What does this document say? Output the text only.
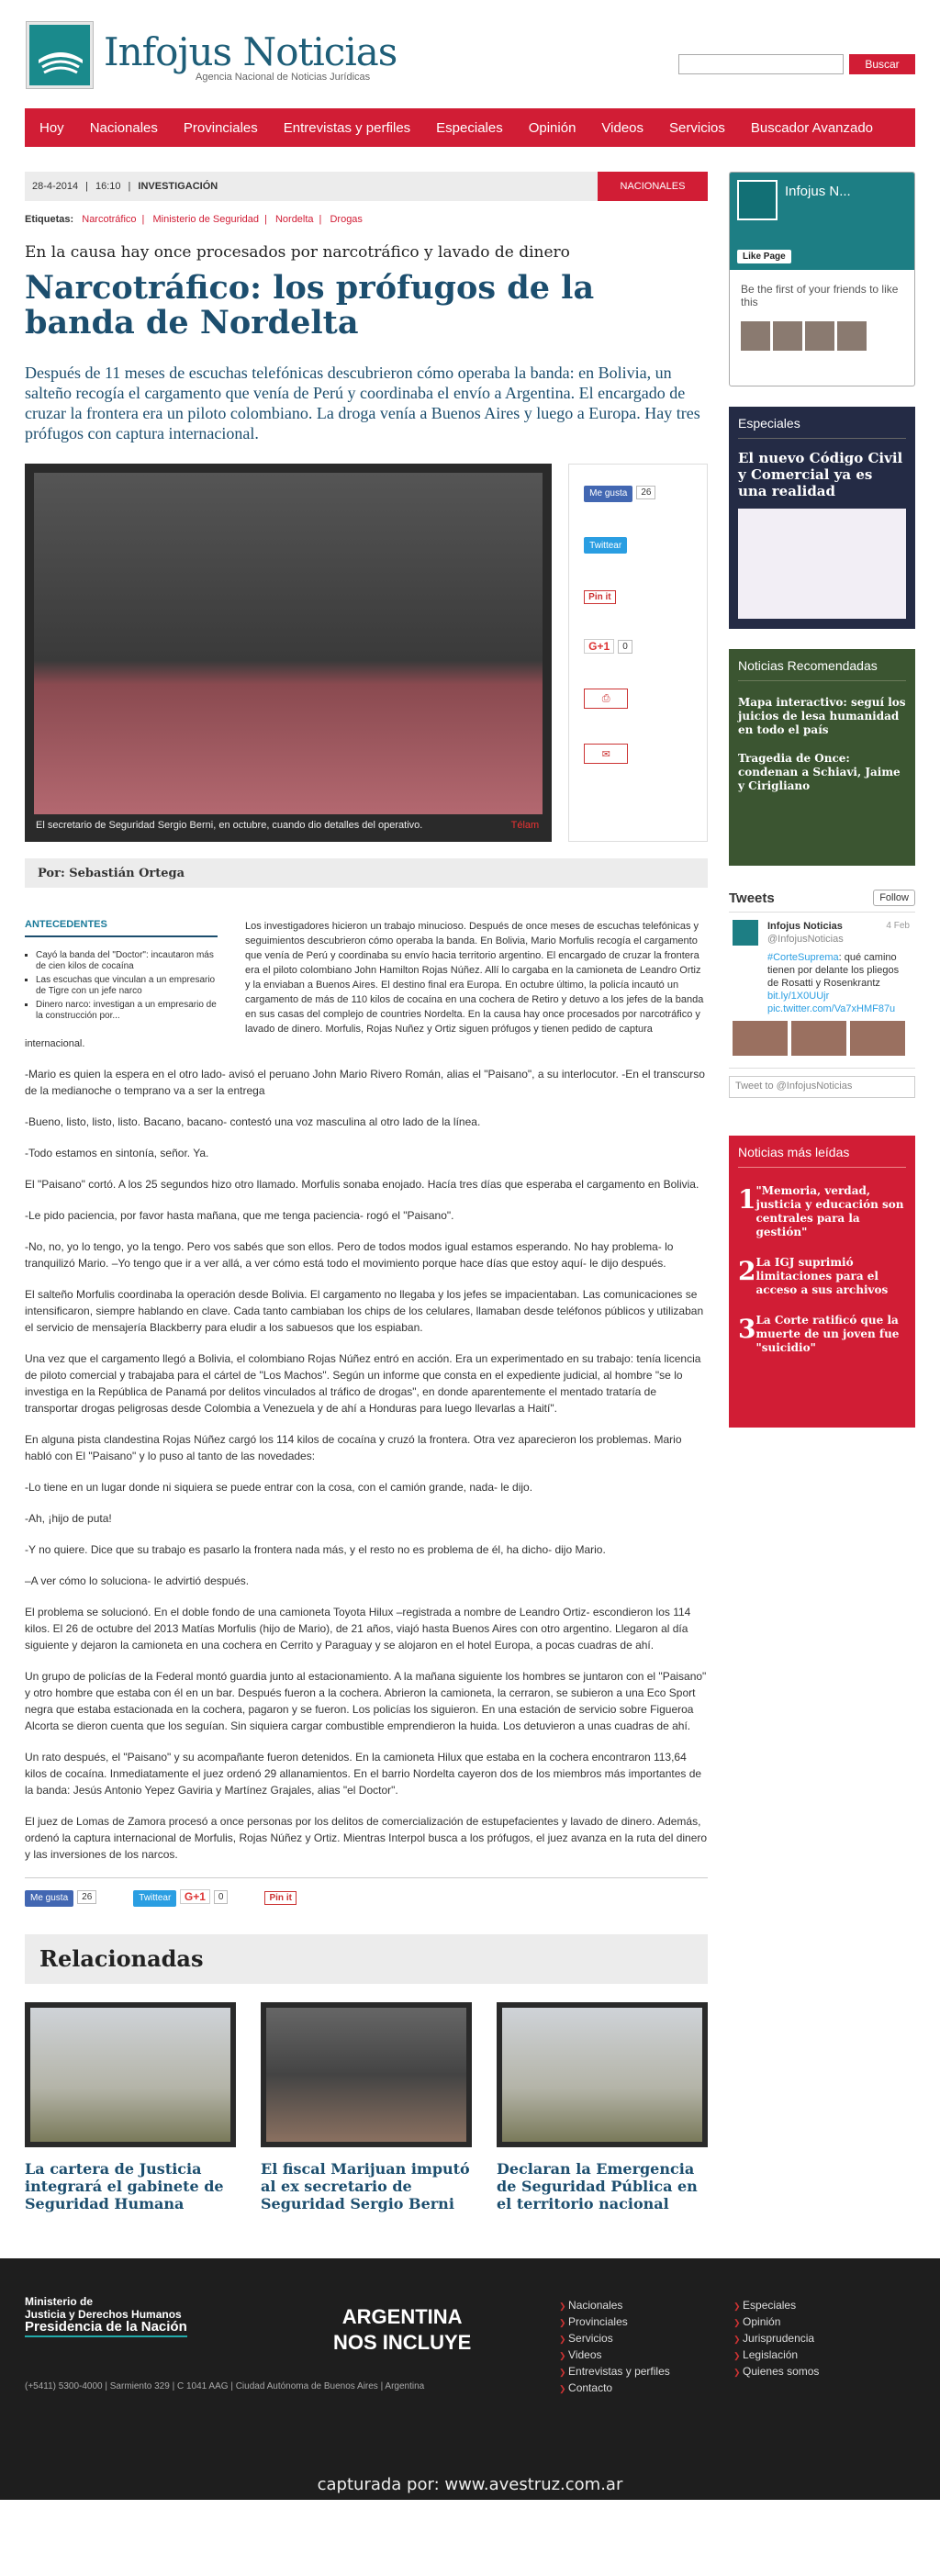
Infojus Noticias
Agencia Nacional de Noticias Jurídicas
Buscar
Hoy Nacionales Provinciales Entrevistas y perfiles Especiales Opinión Videos Servicios Buscador Avanzado
28-4-2014 | 16:10 | INVESTIGACIÓN	NACIONALES
Etiquetas: Narcotráfico | Ministerio de Seguridad | Nordelta | Drogas
En la causa hay once procesados por narcotráfico y lavado de dinero
Narcotráfico: los prófugos de la banda de Nordelta

Después de 11 meses de escuchas telefónicas descubrieron cómo operaba la banda: en Bolivia, un salteño recogía el cargamento que venía de Perú y coordinaba el envío a Argentina. El encargado de cruzar la frontera era un piloto colombiano. La droga venía a Buenos Aires y luego a Europa. Hay tres prófugos con captura internacional.

El secretario de Seguridad Sergio Berni, en octubre, cuando dio detalles del operativo.	Télam
Me gusta 26
Twittear
Pin it
G+1 0
⎙
✉
Por: Sebastián Ortega
ANTECEDENTES
▪ Cayó la banda del "Doctor": incautaron más de cien kilos de cocaína
▪ Las escuchas que vinculan a un empresario de Tigre con un jefe narco
▪ Dinero narco: investigan a un empresario de la construcción por...

Los investigadores hicieron un trabajo minucioso. Después de once meses de escuchas telefónicas y seguimientos descubrieron cómo operaba la banda. En Bolivia, Mario Morfulis recogía el cargamento que venía de Perú y coordinaba su envío hacia territorio argentino. El encargado de cruzar la frontera era el piloto colombiano John Hamilton Rojas Núñez. Allí lo cargaba en la camioneta de Leandro Ortiz y la enviaban a Buenos Aires. El destino final era Europa. En octubre último, la policía incautó un cargamento de más de 110 kilos de cocaína en una cochera de Retiro y detuvo a los jefes de la banda en sus casas del complejo de countries Nordelta. En la causa hay once procesados por narcotráfico y lavado de dinero. Morfulis, Rojas Nuñez y Ortiz siguen prófugos y tienen pedido de captura internacional.

-Mario es quien la espera en el otro lado- avisó el peruano John Mario Rivero Román, alias el "Paisano", a su interlocutor. -En el transcurso de la medianoche o temprano va a ser la entrega

-Bueno, listo, listo, listo. Bacano, bacano- contestó una voz masculina al otro lado de la línea.

-Todo estamos en sintonía, señor. Ya.

El "Paisano" cortó. A los 25 segundos hizo otro llamado. Morfulis sonaba enojado. Hacía tres días que esperaba el cargamento en Bolivia.

-Le pido paciencia, por favor hasta mañana, que me tenga paciencia- rogó el "Paisano".

-No, no, yo lo tengo, yo la tengo. Pero vos sabés que son ellos. Pero de todos modos igual estamos esperando. No hay problema- lo tranquilizó Mario. –Yo tengo que ir a ver allá, a ver cómo está todo el movimiento porque hace días que estoy aquí- le dijo después.

El salteño Morfulis coordinaba la operación desde Bolivia. El cargamento no llegaba y los jefes se impacientaban. Las comunicaciones se intensificaron, siempre hablando en clave. Cada tanto cambiaban los chips de los celulares, llamaban desde teléfonos públicos y utilizaban el servicio de mensajería Blackberry para eludir a los sabuesos que los espiaban.

Una vez que el cargamento llegó a Bolivia, el colombiano Rojas Núñez entró en acción. Era un experimentado en su trabajo: tenía licencia de piloto comercial y trabajaba para el cártel de "Los Machos". Según un informe que consta en el expediente judicial, al hombre "se lo investiga en la República de Panamá por delitos vinculados al tráfico de drogas", en donde aparentemente el mentado trataría de transportar drogas peligrosas desde Colombia a Venezuela y de ahí a Honduras para luego llevarlas a Haití".

En alguna pista clandestina Rojas Núñez cargó los 114 kilos de cocaína y cruzó la frontera. Otra vez aparecieron los problemas. Mario habló con El "Paisano" y lo puso al tanto de las novedades:

-Lo tiene en un lugar donde ni siquiera se puede entrar con la cosa, con el camión grande, nada- le dijo.

-Ah, ¡hijo de puta!

-Y no quiere. Dice que su trabajo es pasarlo la frontera nada más, y el resto no es problema de él, ha dicho- dijo Mario.

–A ver cómo lo soluciona- le advirtió después.

El problema se solucionó. En el doble fondo de una camioneta Toyota Hilux –registrada a nombre de Leandro Ortiz- escondieron los 114 kilos. El 26 de octubre del 2013 Matías Morfulis (hijo de Mario), de 21 años, viajó hasta Buenos Aires con otro argentino. Llegaron al día siguiente y dejaron la camioneta en una cochera en Cerrito y Paraguay y se alojaron en el hotel Europa, a pocas cuadras de ahí.

Un grupo de policías de la Federal montó guardia junto al estacionamiento. A la mañana siguiente los hombres se juntaron con el "Paisano" y otro hombre que estaba con él en un bar. Después fueron a la cochera. Abrieron la camioneta, la cerraron, se subieron a una Eco Sport negra que estaba estacionada en la cochera, pagaron y se fueron. Los policías los siguieron. En una estación de servicio sobre Figueroa Alcorta se dieron cuenta que los seguían. Sin siquiera cargar combustible emprendieron la huida. Los detuvieron a unas cuadras de ahí.

Un rato después, el "Paisano" y su acompañante fueron detenidos. En la camioneta Hilux que estaba en la cochera encontraron 113,64 kilos de cocaína. Inmediatamente el juez ordenó 29 allanamientos. En el barrio Nordelta cayeron dos de los miembros más importantes de la banda: Jesús Antonio Yepez Gaviria y Martínez Grajales, alias "el Doctor".

El juez de Lomas de Zamora procesó a once personas por los delitos de comercialización de estupefacientes y lavado de dinero. Además, ordenó la captura internacional de Morfulis, Rojas Núñez y Ortiz. Mientras Interpol busca a los prófugos, el juez avanza en la ruta del dinero y las inversiones de los narcos.

Me gusta 26	Twittear G+1 0	Pin it
Relacionadas
La cartera de Justicia integrará el gabinete de Seguridad Humana
El fiscal Marijuan imputó al ex secretario de Seguridad Sergio Berni
Declaran la Emergencia de Seguridad Pública en el territorio nacional
Infojus N...
Like Page
Be the first of your friends to like this
Especiales
El nuevo Código Civil y Comercial ya es una realidad
Noticias Recomendadas
Mapa interactivo: seguí los juicios de lesa humanidad en todo el país
Tragedia de Once: condenan a Schiavi, Jaime y Cirigliano
Tweets	Follow
4 Feb
Infojus Noticias
@InfojusNoticias
#CorteSuprema: qué camino tienen por delante los pliegos de Rosatti y Rosenkrantz bit.ly/1X0UUjr pic.twitter.com/Va7xHMF87u
Tweet to @InfojusNoticias
Noticias más leídas
1 "Memoria, verdad, justicia y educación son centrales para la gestión"
2 La IGJ suprimió limitaciones para el acceso a sus archivos
3 La Corte ratificó que la muerte de un joven fue "suicidio"
Ministerio de
Justicia y Derechos Humanos
Presidencia de la Nación	ARGENTINA
NOS INCLUYE
(+5411) 5300-4000 | Sarmiento 329 | C 1041 AAG | Ciudad Autónoma de Buenos Aires | Argentina
❯ Nacionales	❯ Especiales
❯ Provinciales	❯ Opinión
❯ Servicios	❯ Jurisprudencia
❯ Videos	❯ Legislación
❯ Entrevistas y perfiles	❯ Quienes somos
❯ Contacto
capturada por: www.avestruz.com.ar
